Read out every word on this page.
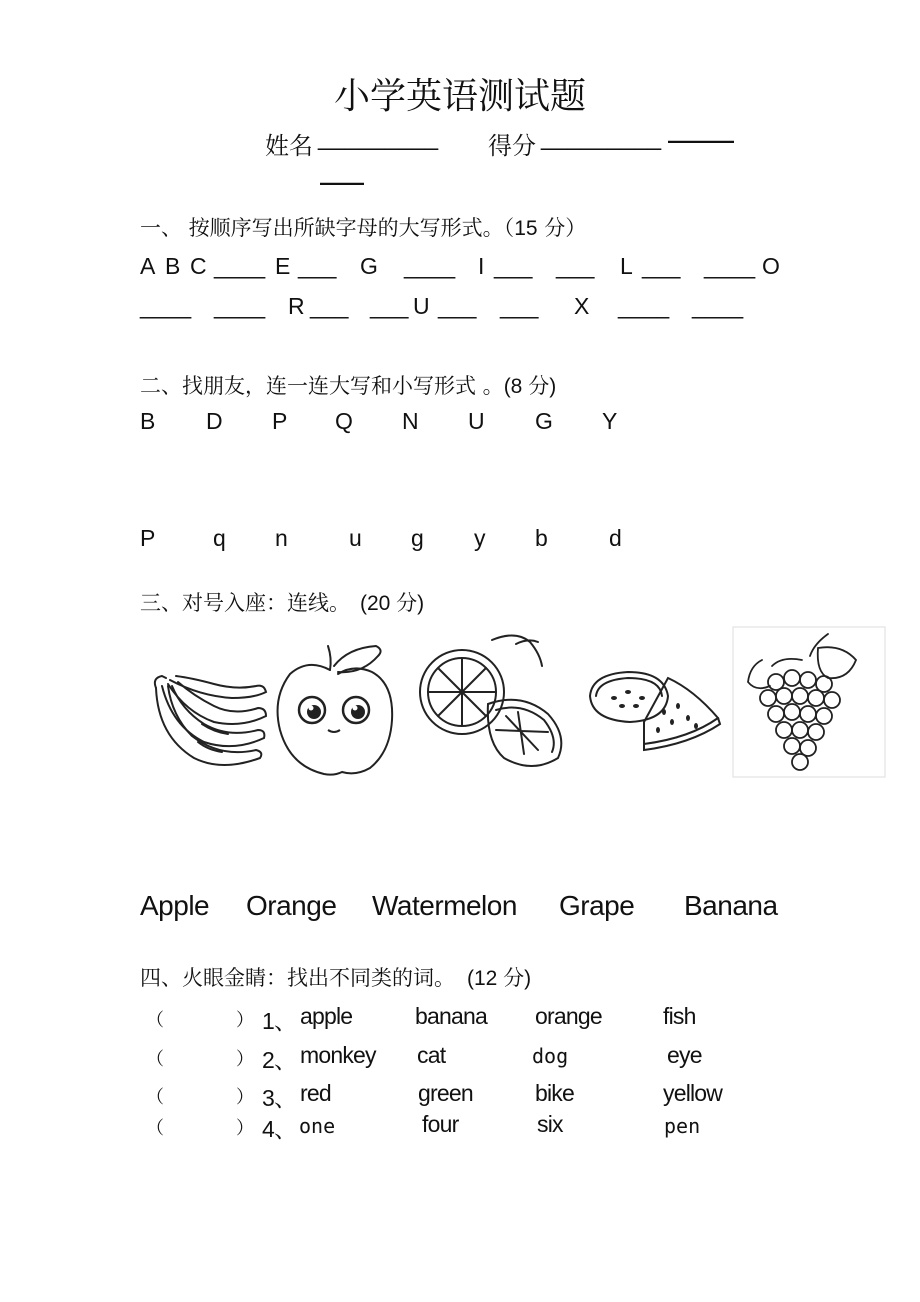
小学英语测试题
姓名 _________ 得分 _________ ———
——
一、 按顺序写出所缺字母的大写形式。（15 分）
A B C ____ E ___ G ____ I ___ ___ L ___ ____ O
____ ____ R ___ ___ U ___ ___ X ____ ____
二、找朋友，连一连大写和小写形式 。(8 分)
B D P Q N U G Y
P	q n	u g y b	d
三、对号入座：连线。 (20 分)
Apple Orange Watermelon Grape Banana
四、火眼金睛：找出不同类的词。 (12 分)
（	） 1、 apple	banana orange	fish
（	） 2、 monkey cat	dog	eye
（	） 3、 red	green	bike	yellow
（	） 4、 one	four	six	pen
